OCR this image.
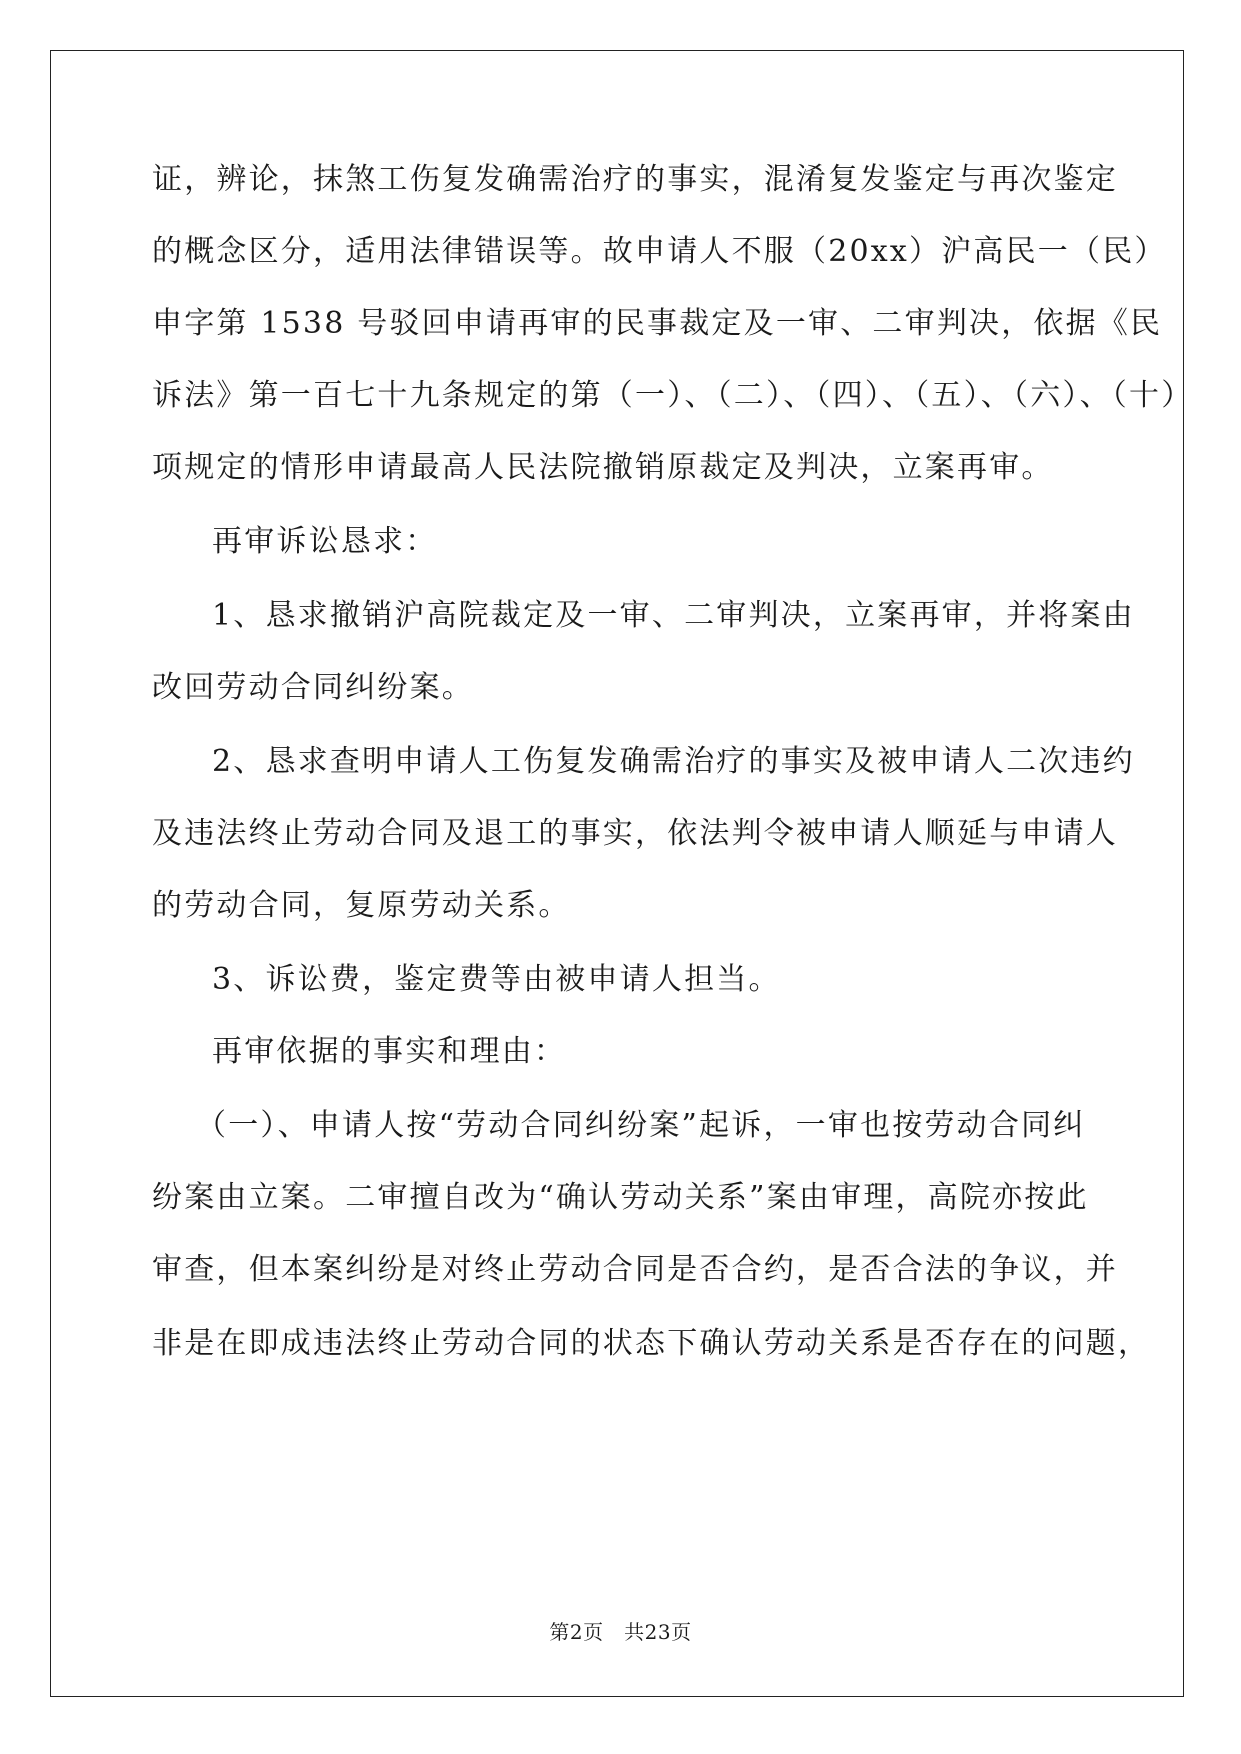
证，辨论，抹煞工伤复发确需治疗的事实，混淆复发鉴定与再次鉴定
的概念区分，适用法律错误等。故申请人不服（20xx）沪高民一（民）
申字第 1538 号驳回申请再审的民事裁定及一审、二审判决，依据《民
诉法》第一百七十九条规定的第（一）、（二）、（四）、（五）、（六）、（十）
项规定的情形申请最高人民法院撤销原裁定及判决，立案再审。
再审诉讼恳求：
1、恳求撤销沪高院裁定及一审、二审判决，立案再审，并将案由
改回劳动合同纠纷案。
2、恳求查明申请人工伤复发确需治疗的事实及被申请人二次违约
及违法终止劳动合同及退工的事实，依法判令被申请人顺延与申请人
的劳动合同，复原劳动关系。
3、诉讼费，鉴定费等由被申请人担当。
再审依据的事实和理由：
（一）、申请人按“劳动合同纠纷案”起诉，一审也按劳动合同纠
纷案由立案。二审擅自改为“确认劳动关系”案由审理，高院亦按此
审查，但本案纠纷是对终止劳动合同是否合约，是否合法的争议，并
非是在即成违法终止劳动合同的状态下确认劳动关系是否存在的问题，
第2页　共23页
